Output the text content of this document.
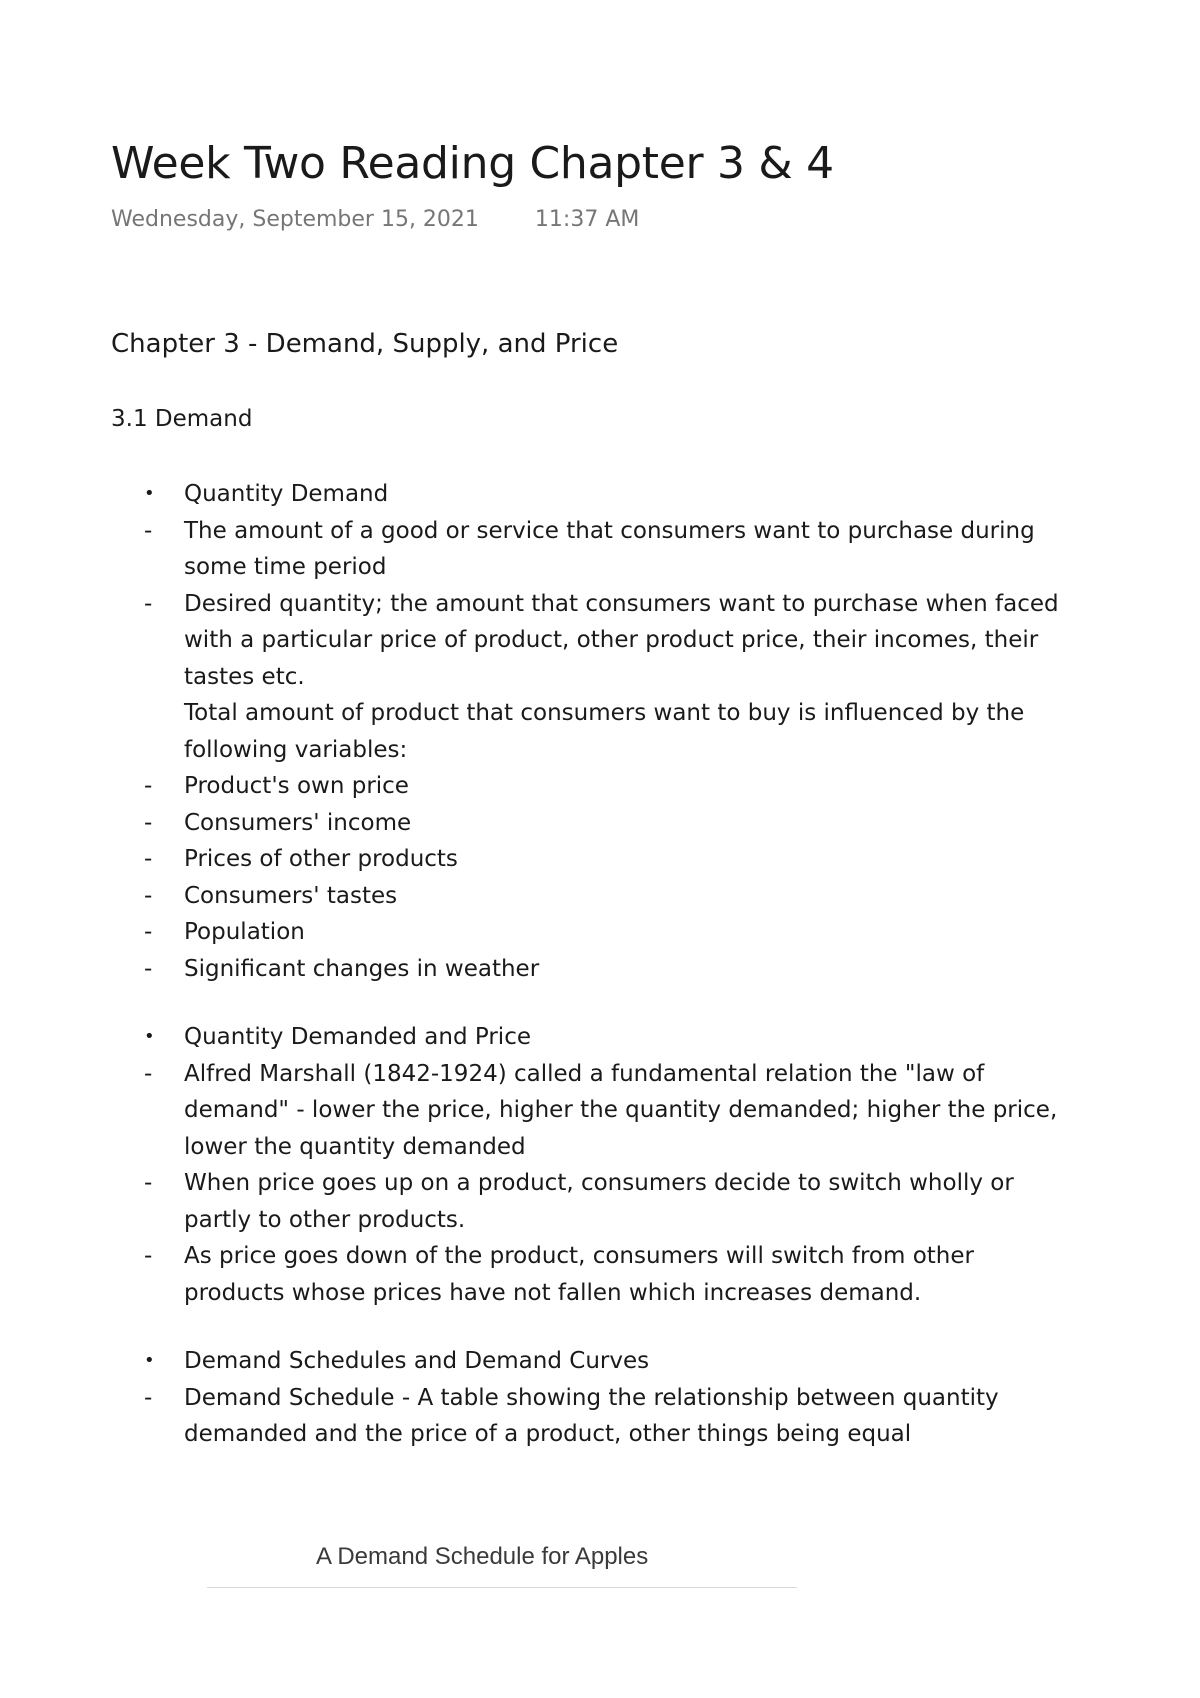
Week Two Reading Chapter 3 & 4
Wednesday, September 15, 2021	11:37 AM
Chapter 3 - Demand, Supply, and Price
3.1 Demand
• Quantity Demand
- The amount of a good or service that consumers want to purchase during some time period
- Desired quantity; the amount that consumers want to purchase when faced with a particular price of product, other product price, their incomes, their tastes etc.
Total amount of product that consumers want to buy is influenced by the following variables:
- Product's own price
- Consumers' income
- Prices of other products
- Consumers' tastes
- Population
- Significant changes in weather
• Quantity Demanded and Price
- Alfred Marshall (1842-1924) called a fundamental relation the "law of demand" - lower the price, higher the quantity demanded; higher the price, lower the quantity demanded
- When price goes up on a product, consumers decide to switch wholly or partly to other products.
- As price goes down of the product, consumers will switch from other products whose prices have not fallen which increases demand.
• Demand Schedules and Demand Curves
- Demand Schedule - A table showing the relationship between quantity demanded and the price of a product, other things being equal
A Demand Schedule for Apples
